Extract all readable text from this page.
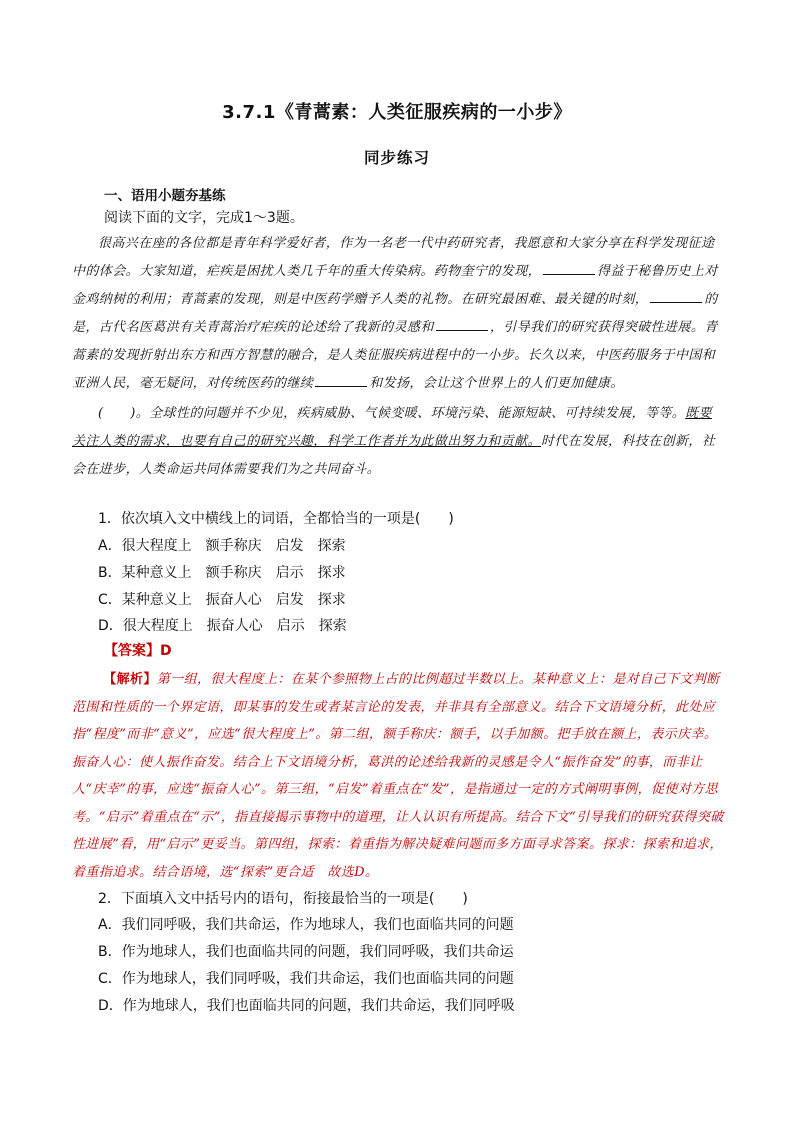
3.7.1《青蒿素：人类征服疾病的一小步》
同步练习
一、语用小题夯基练
阅读下面的文字，完成1～3题。

很高兴在座的各位都是青年科学爱好者，作为一名老一代中药研究者，我愿意和大家分享在科学发现征途中的体会。大家知道，疟疾是困扰人类几千年的重大传染病。药物奎宁的发现，	得益于秘鲁历史上对金鸡纳树的利用；青蒿素的发现，则是中医药学赠予人类的礼物。在研究最困难、最关键的时刻，	的是，古代名医葛洪有关青蒿治疗疟疾的论述给了我新的灵感和	，引导我们的研究获得突破性进展。青蒿素的发现折射出东方和西方智慧的融合，是人类征服疾病进程中的一小步。长久以来，中医药服务于中国和亚洲人民，毫无疑问，对传统医药的继续	和发扬，会让这个世界上的人们更加健康。

(　　)。全球性的问题并不少见，疾病威胁、气候变暖、环境污染、能源短缺、可持续发展，等等。既要关注人类的需求，也要有自己的研究兴趣，科学工作者并为此做出努力和贡献。时代在发展，科技在创新，社会在进步，人类命运共同体需要我们为之共同奋斗。

1．依次填入文中横线上的词语，全都恰当的一项是(　　)
A．很大程度上 额手称庆 启发 探索
B．某种意义上 额手称庆 启示 探求
C．某种意义上 振奋人心 启发 探求
D．很大程度上 振奋人心 启示 探索
【答案】D

【解析】第一组，很大程度上：在某个参照物上占的比例超过半数以上。某种意义上：是对自己下文判断范围和性质的一个界定语，即某事的发生或者某言论的发表，并非具有全部意义。结合下文语境分析，此处应指“程度”而非“意义”，应选“很大程度上”。第二组，额手称庆：额手，以手加额。把手放在额上，表示庆幸。振奋人心：使人振作奋发。结合上下文语境分析，葛洪的论述给我新的灵感是令人“振作奋发”的事，而非让人“庆幸”的事，应选“振奋人心”。第三组，“启发”着重点在“发”，是指通过一定的方式阐明事例，促使对方思考。“启示”着重点在“示”，指直接揭示事物中的道理，让人认识有所提高。结合下文“引导我们的研究获得突破性进展”看，用“启示”更妥当。第四组，探索：着重指为解决疑难问题而多方面寻求答案。探求：探索和追求，着重指追求。结合语境，选“探索”更合适　故选D。

2．下面填入文中括号内的语句，衔接最恰当的一项是(　　)
A．我们同呼吸，我们共命运，作为地球人，我们也面临共同的问题
B．作为地球人，我们也面临共同的问题，我们同呼吸，我们共命运
C．作为地球人，我们同呼吸，我们共命运，我们也面临共同的问题
D．作为地球人，我们也面临共同的问题，我们共命运，我们同呼吸
